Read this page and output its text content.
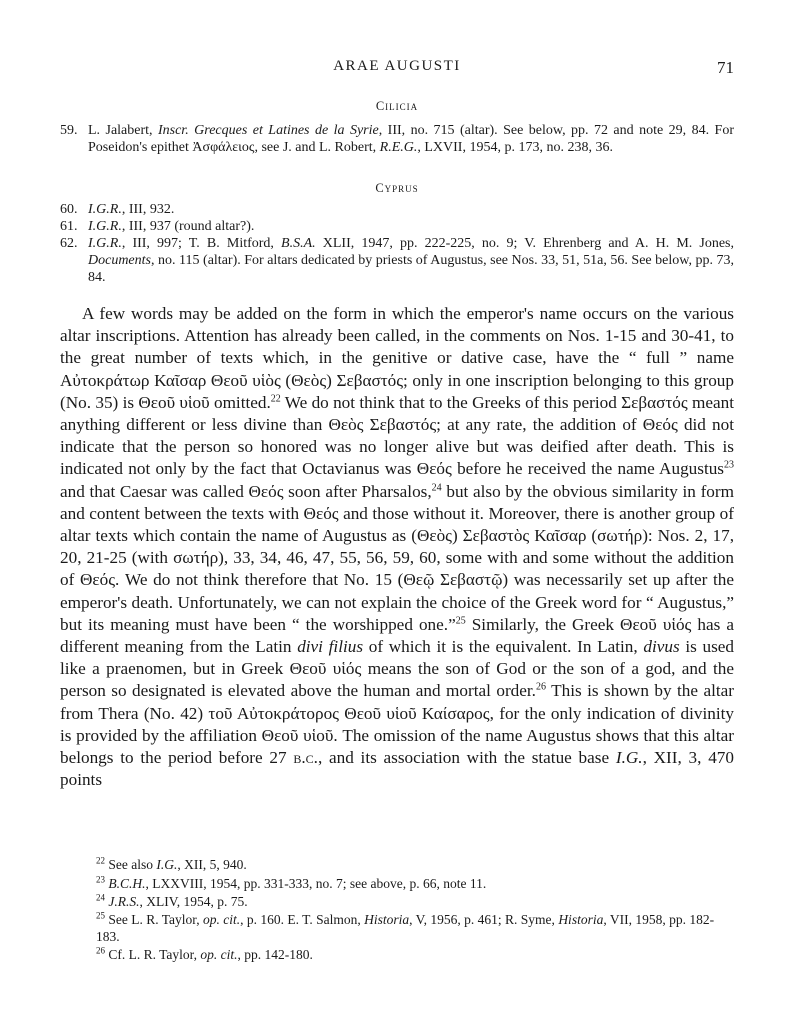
ARAE AUGUSTI	71
Cilicia
59. L. Jalabert, Inscr. Grecques et Latines de la Syrie, III, no. 715 (altar). See below, pp. 72 and note 29, 84. For Poseidon's epithet Ἀσφάλειος, see J. and L. Robert, R.E.G., LXVII, 1954, p. 173, no. 238, 36.
Cyprus
60. I.G.R., III, 932.
61. I.G.R., III, 937 (round altar?).
62. I.G.R., III, 997; T. B. Mitford, B.S.A. XLII, 1947, pp. 222-225, no. 9; V. Ehrenberg and A. H. M. Jones, Documents, no. 115 (altar). For altars dedicated by priests of Augustus, see Nos. 33, 51, 51a, 56. See below, pp. 73, 84.

A few words may be added on the form in which the emperor's name occurs on the various altar inscriptions. Attention has already been called, in the comments on Nos. 1-15 and 30-41, to the great number of texts which, in the genitive or dative case, have the “ full ” name Αὐτοκράτωρ Καῖσαρ Θεοῦ υἱὸς (Θεὸς) Σεβαστός; only in one inscription belonging to this group (No. 35) is Θεοῦ υἱοῦ omitted.$^{22}$ We do not think that to the Greeks of this period Σεβαστός meant anything different or less divine than Θεὸς Σεβαστός; at any rate, the addition of Θεός did not indicate that the person so honored was no longer alive but was deified after death. This is indicated not only by the fact that Octavianus was Θεός before he received the name Augustus$^{23}$ and that Caesar was called Θεός soon after Pharsalos,$^{24}$ but also by the obvious similarity in form and content between the texts with Θεός and those without it. Moreover, there is another group of altar texts which contain the name of Augustus as (Θεὸς) Σεβαστὸς Καῖσαρ (σωτήρ): Nos. 2, 17, 20, 21-25 (with σωτήρ), 33, 34, 46, 47, 55, 56, 59, 60, some with and some without the addition of Θεός. We do not think therefore that No. 15 (Θεῷ Σεβαστῷ) was necessarily set up after the emperor's death. Unfortunately, we can not explain the choice of the Greek word for “ Augustus,” but its meaning must have been “ the worshipped one.”$^{25}$ Similarly, the Greek Θεοῦ υἱός has a different meaning from the Latin divi filius of which it is the equivalent. In Latin, divus is used like a praenomen, but in Greek Θεοῦ υἱός means the son of God or the son of a god, and the person so designated is elevated above the human and mortal order.$^{26}$ This is shown by the altar from Thera (No. 42) τοῦ Αὐτοκράτορος Θεοῦ υἱοῦ Καίσαρος, for the only indication of divinity is provided by the affiliation Θεοῦ υἱοῦ. The omission of the name Augustus shows that this altar belongs to the period before 27 b.c., and its association with the statue base I.G., XII, 3, 470 points

$^{22}$ See also I.G., XII, 5, 940.
$^{23}$ B.C.H., LXXVIII, 1954, pp. 331-333, no. 7; see above, p. 66, note 11.
$^{24}$ J.R.S., XLIV, 1954, p. 75.
$^{25}$ See L. R. Taylor, op. cit., p. 160. E. T. Salmon, Historia, V, 1956, p. 461; R. Syme, Historia, VII, 1958, pp. 182-183.
$^{26}$ Cf. L. R. Taylor, op. cit., pp. 142-180.
